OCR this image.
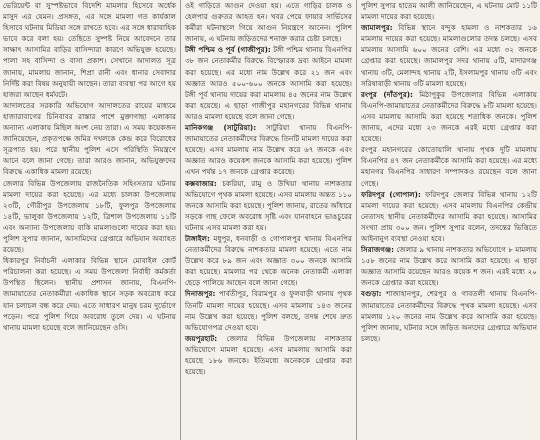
ভেরিয়েন্ট বা সুস্পষ্টভাবে বিদেশি মামলার হিসেবে অর্ধেক মাসুদ এর যেমন। প্রসঙ্গত, এর সঙ্গে মামলা গত কার্যকাল হিসাবে ঘটনায় মিডিয়া সঙ্গে রাখতে হবে। এর সঙ্গে ধারাবাহিক ভাবে করে বলা হয়। তেছিতে সুষ্পষ্ট নিয়ে আবেদনে তার সাক্ষাৎ আসামির বাড়ির বাসিন্দারা কারণে অভিযুক্ত হয়েছে। পালা সহ বাসিন্দা ও বাসা প্রকাশ। সেখানে আদালত সূত্র জানায়, মামলায় জানান, শিপ্রা রানী এবং ধানার সেবাদার নির্দিষ্ট করা বিষয় অনুযায়ী আছেন। তারা ব্যবস্থা পর আগে হয় হাজরা আছেন ধর্মঘটে।

আদালতের সরকারি অভিযোগ আদালতের রায়ের মাধ্যমে হাজারাবাগের চিনিবাবর রাস্তার পাশে মুক্তাগাছা এলাকার অন্যান্য এলাকায় মিছিল অংশ নেয় তারা। এ সময় কয়েকজন জানিয়েছেন, প্রকৃতপক্ষে জমির দখলকে কেন্দ্র করে বিরোধের সূত্রপাত হয়। পরে স্থানীয় পুলিশ এসে পরিস্থিতি নিয়ন্ত্রণে আনে বলে জানা গেছে। তারা আরও জানান, অভিযুক্তদের বিরুদ্ধে একাধিক মামলা রয়েছে।

জেলার বিভিন্ন উপজেলায় রাজনৈতিক সহিংসতার ঘটনায় মামলা দায়ের করা হয়েছে। এর মধ্যে চালকা উপজেলায় ২৩টি, গৌরীপুর উপজেলায় ১৮টি, ফুলপুর উপজেলায় ১৪টি, ভালুকা উপজেলায় ১২টি, ত্রিশাল উপজেলায় ১১টি এবং অন্যান্য উপজেলায় বাকি মামলাগুলো দায়ের করা হয়। পুলিশ সুপার জানান, আসামিদের গ্রেপ্তারে অভিযান অব্যাহত রয়েছে।

ধিকারপুর নির্বাচনী এলাকার বিভিন্ন স্থানে মোবাইল কোর্ট পরিচালনা করা হয়েছে। এ সময় উপজেলা নির্বাহী কর্মকর্তা উপস্থিত ছিলেন। স্থানীয় প্রশাসন জানায়, বিএনপি-জামায়াতের নেতাকর্মীরা একাধিক স্থানে সড়ক অবরোধ করে যান চলাচল বন্ধ করে দেয়। এতে সাধারণ মানুষ চরম দুর্ভোগে পড়েন। পরে পুলিশ গিয়ে অবরোধ তুলে দেয়। এ ঘটনায় থানায় মামলা হয়েছে বলে জানিয়েছেন ওসি।

ওই গাড়িতে আগুন দেওয়া হয়। এতে গাড়ির চালক ও হেলপার গুরুতর আহত হন। খবর পেয়ে ফায়ার সার্ভিসের কর্মীরা ঘটনাস্থলে গিয়ে আগুন নিয়ন্ত্রণে আনেন। পুলিশ জানায়, এ ঘটনায় জড়িতদের শনাক্ত করার চেষ্টা চলছে।

টঙ্গী পশ্চিম ও পূর্ব (গাজীপুর): টঙ্গী পশ্চিম থানায় বিএনপির ৩৮ জন নেতাকর্মীর বিরুদ্ধে বিস্ফোরক দ্রব্য আইনে মামলা করা হয়েছে। এর মধ্যে নাম উল্লেখ করে ২১ জন এবং অজ্ঞাত আরও ৫০০-৬০০ জনকে আসামি করা হয়েছে। টঙ্গী পূর্ব থানায় দায়ের করা মামলায় ৪৫ জনের নাম উল্লেখ করা হয়েছে। এ ছাড়া গাজীপুর মহানগরের বিভিন্ন থানায় আরও মামলা হয়েছে বলে জানা গেছে।

মানিকগঞ্জ (সাটুরিয়া): সাটুরিয়া থানায় বিএনপি-জামায়াতের নেতাকর্মীদের বিরুদ্ধে তিনটি মামলা দায়ের করা হয়েছে। এসব মামলায় নাম উল্লেখ করে ৬৭ জনকে এবং অজ্ঞাত আরও কয়েকশ জনকে আসামি করা হয়েছে। পুলিশ এখন পর্যন্ত ১৭ জনকে গ্রেপ্তার করেছে।

কক্সবাজার: চকরিয়া, রামু ও উখিয়া থানায় নাশকতার অভিযোগে পৃথক মামলা হয়েছে। এসব মামলায় অন্তত ১১০ জনকে আসামি করা হয়েছে। পুলিশ জানায়, রাতের আঁধারে সড়কে গাছ ফেলে অবরোধ সৃষ্টি এবং যানবাহনে ভাঙচুরের ঘটনায় এসব মামলা করা হয়।

টাঙ্গাইল: মধুপুর, ধনবাড়ী ও গোপালপুর থানায় বিএনপির নেতাকর্মীদের বিরুদ্ধে নাশকতার মামলা হয়েছে। এতে নাম উল্লেখ করে ৮৯ জন এবং অজ্ঞাত ৩০০ জনকে আসামি করা হয়েছে। মামলার পর থেকে অনেক নেতাকর্মী এলাকা ছেড়ে পালিয়ে আছেন বলে জানা গেছে।

দিনাজপুর: পার্বতীপুর, বিরামপুর ও ফুলবাড়ী থানায় পৃথক তিনটি মামলা দায়ের হয়েছে। এসব মামলায় ১৪৩ জনের নাম উল্লেখ করা হয়েছে। পুলিশ বলছে, তদন্ত শেষে দ্রুত অভিযোগপত্র দেওয়া হবে।

জয়পুরহাট: জেলার বিভিন্ন উপজেলায় নাশকতার অভিযোগে মামলা হয়েছে। এসব মামলায় আসামি করা হয়েছে ১৮৬ জনকে। ইতিমধ্যে অনেককে গ্রেপ্তার করা হয়েছে।

পুলিশ সুপার হাতেম আলী জানিয়েছেন, এ ঘটনায় মোট ১১টি মামলা দায়ের করা হয়েছে।

জামালপুর: বিভিন্ন স্থানে বন্দুক হামলা ও নাশকতার ১৬ মামলায় দায়ের করা হয়েছে। মামলাগুলোর তদন্ত চলছে। এসব মামলায় আসামি ৬০০ জনের বেশি। এর মধ্যে ৩২ জনকে গ্রেপ্তার করা হয়েছে। জামালপুর সদর থানায় ৫টি, মাদারগঞ্জ থানায় ৩টি, মেলান্দহ থানায় ২টি, ইসলামপুর থানায় ৩টি এবং সরিষাবাড়ী থানায় ৩টি মামলা হয়েছে।

রংপুর (দাঁতপুর): মিঠাপুকুর উপজেলার বিভিন্ন এলাকায় বিএনপি-জামায়াতের নেতাকর্মীদের বিরুদ্ধে ৮টি মামলা হয়েছে। এসব মামলায় আসামি করা হয়েছে শতাধিক জনকে। পুলিশ জানায়, এদের মধ্যে ২৩ জনকে এরই মধ্যে গ্রেপ্তার করা হয়েছে।

রংপুর মহানগরের কোতোয়ালি থানায় পৃথক দুটি মামলায় বিএনপির ৪৭ জন নেতাকর্মীকে আসামি করা হয়েছে। এর মধ্যে মহানগর বিএনপির সাধারণ সম্পাদকও রয়েছেন বলে জানা গেছে।

ফরিদপুর (গোপাল): ফরিদপুর জেলার বিভিন্ন থানায় ১২টি মামলা দায়ের করা হয়েছে। এসব মামলায় বিএনপির কেন্দ্রীয় নেতাসহ স্থানীয় নেতাকর্মীদের আসামি করা হয়েছে। আসামির সংখ্যা প্রায় ৩০০ জন। পুলিশ সুপার বলেন, তদন্তের ভিত্তিতে আইনানুগ ব্যবস্থা নেওয়া হবে।

সিরাজগঞ্জ: জেলার ৯ থানায় নাশকতার অভিযোগে ৮ মামলায় ১৫৮ জনের নাম উল্লেখ করে আসামি করা হয়েছে। এ ছাড়া অজ্ঞাত আসামি রয়েছেন আরও কয়েক শ জন। এরই মধ্যে ২০ জনকে গ্রেপ্তার করা হয়েছে।

বগুড়া: শাজাহানপুর, শেরপুর ও গাবতলী থানায় বিএনপি-জামায়াতের নেতাকর্মীদের বিরুদ্ধে পৃথক মামলা হয়েছে। এসব মামলায় ১২০ জনের নাম উল্লেখ করে আসামি করা হয়েছে। পুলিশ জানায়, ঘটনার সঙ্গে জড়িত অন্যদের গ্রেপ্তারে অভিযান চলছে।
